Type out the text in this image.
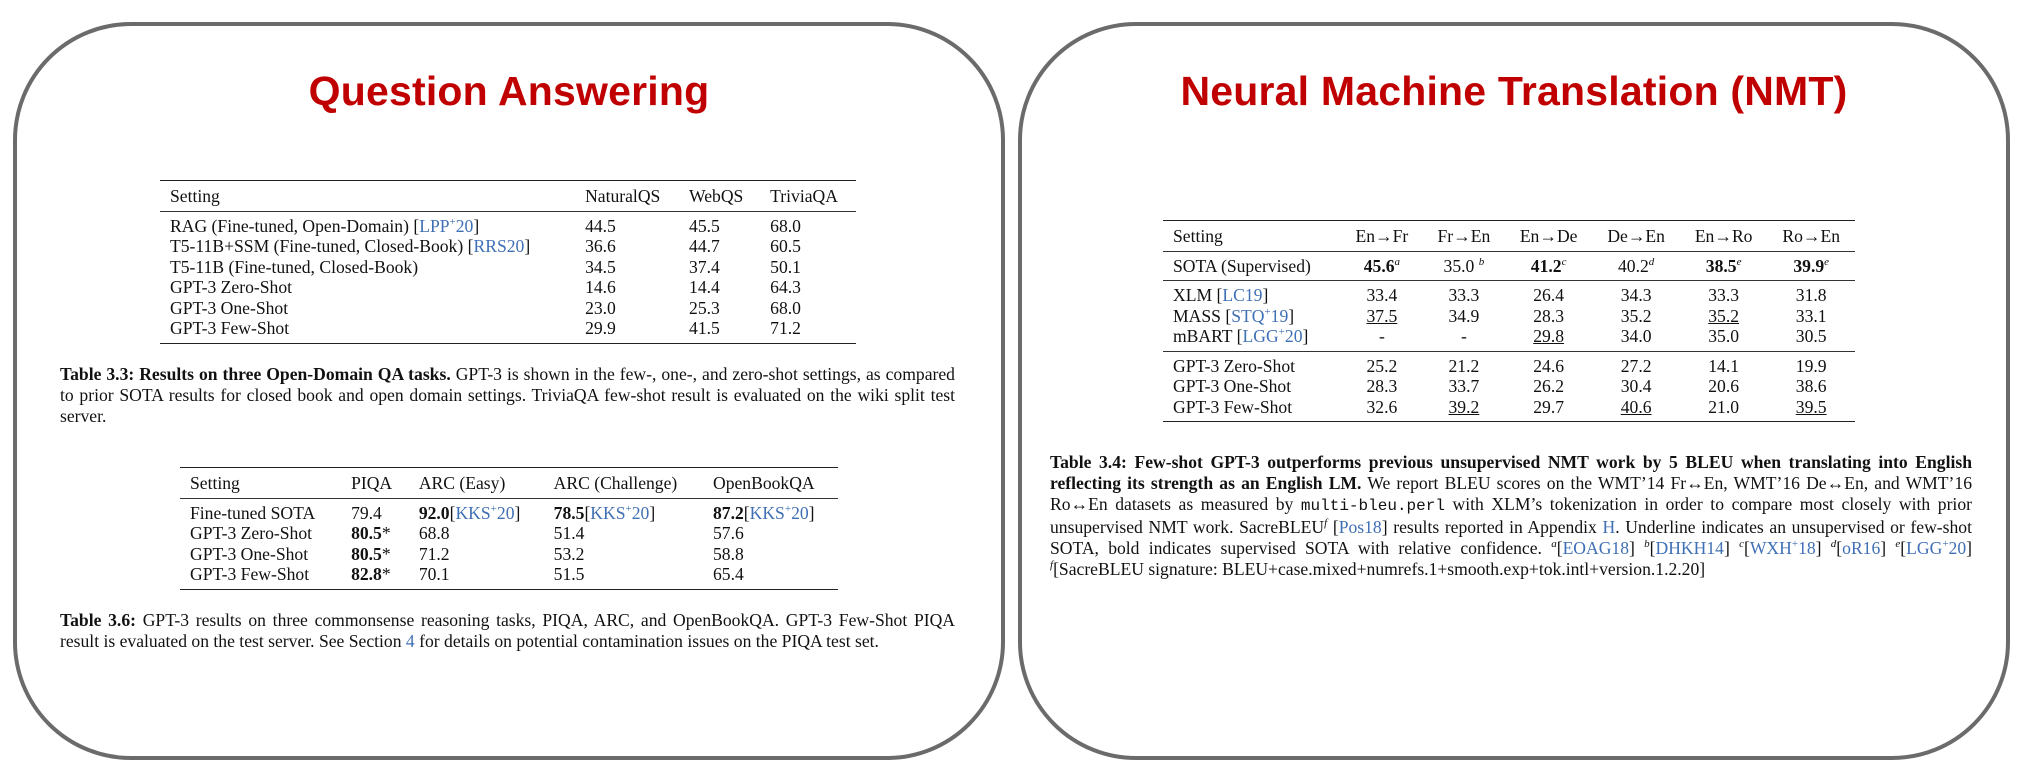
Question Answering	Neural Machine Translation (NMT)
Setting	NaturalQS	WebQS	TriviaQA
RAG (Fine-tuned, Open-Domain) [LPP+20]	44.5	45.5	68.0
T5-11B+SSM (Fine-tuned, Closed-Book) [RRS20]	36.6	44.7	60.5
T5-11B (Fine-tuned, Closed-Book)	34.5	37.4	50.1
GPT-3 Zero-Shot	14.6	14.4	64.3
GPT-3 One-Shot	23.0	25.3	68.0
GPT-3 Few-Shot	29.9	41.5	71.2
Table 3.3: Results on three Open-Domain QA tasks. GPT-3 is shown in the few-, one-, and zero-shot settings, as compared to prior SOTA results for closed book and open domain settings. TriviaQA few-shot result is evaluated on the wiki split test server.
Setting	PIQA	ARC (Easy)	ARC (Challenge)	OpenBookQA
Fine-tuned SOTA	79.4	92.0[KKS+20]	78.5[KKS+20]	87.2[KKS+20]
GPT-3 Zero-Shot	80.5*	68.8	51.4	57.6
GPT-3 One-Shot	80.5*	71.2	53.2	58.8
GPT-3 Few-Shot	82.8*	70.1	51.5	65.4
Table 3.6: GPT-3 results on three commonsense reasoning tasks, PIQA, ARC, and OpenBookQA. GPT-3 Few-Shot PIQA result is evaluated on the test server. See Section 4 for details on potential contamination issues on the PIQA test set.
Setting	En→Fr	Fr→En	En→De	De→En	En→Ro	Ro→En
SOTA (Supervised)	45.6$^a$	35.0 $^b$	41.2$^c$	40.2$^d$	38.5e	39.9e
XLM [LC19]	33.4	33.3	26.4	34.3	33.3	31.8
MASS [STQ+19]	37.5	34.9	28.3	35.2	35.2	33.1
mBART [LGG+20]	-	-	29.8	34.0	35.0	30.5
GPT-3 Zero-Shot	25.2	21.2	24.6	27.2	14.1	19.9
GPT-3 One-Shot	28.3	33.7	26.2	30.4	20.6	38.6
GPT-3 Few-Shot	32.6	39.2	29.7	40.6	21.0	39.5
Table 3.4: Few-shot GPT-3 outperforms previous unsupervised NMT work by 5 BLEU when translating into English reflecting its strength as an English LM. We report BLEU scores on the WMT’14 Fr↔En, WMT’16 De↔En, and WMT’16 Ro↔En datasets as measured by multi-bleu.perl with XLM’s tokenization in order to compare most closely with prior unsupervised NMT work. SacreBLEU$^f$ [Pos18] results reported in Appendix H. Underline indicates an unsupervised or few-shot SOTA, bold indicates supervised SOTA with relative confidence. $^a$[EOAG18] $^b$[DHKH14] $^c$[WXH+18] $^d$[oR16] $^e$[LGG+20] $^f$[SacreBLEU signature: BLEU+case.mixed+numrefs.1+smooth.exp+tok.intl+version.1.2.20]
